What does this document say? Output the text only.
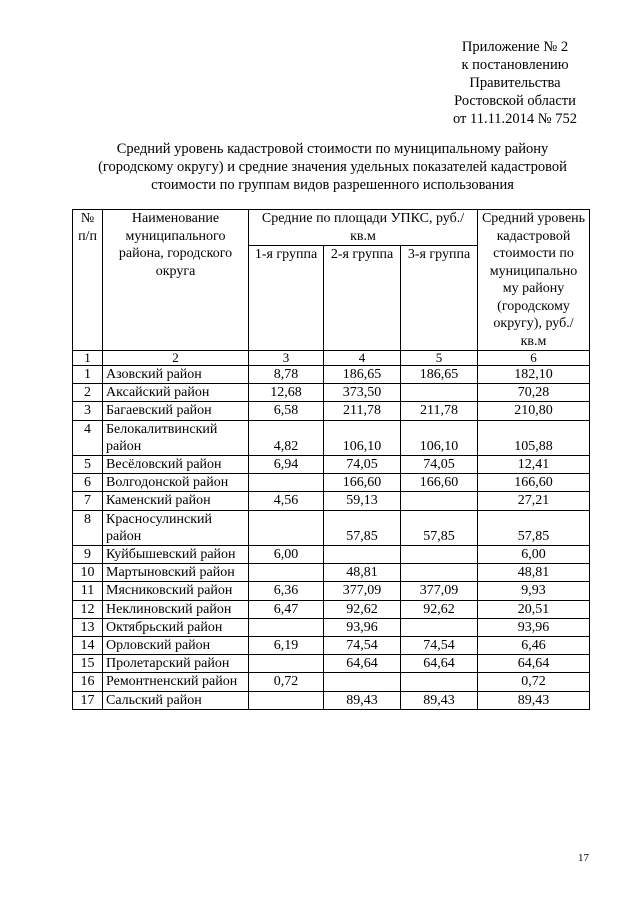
Приложение № 2
к постановлению
Правительства
Ростовской области
от 11.11.2014 № 752
Средний уровень кадастровой стоимости по муниципальному району
(городскому округу) и средние значения удельных показателей кадастровой
стоимости по группам видов разрешенного использования
№ п/п	Наименование муниципального района, городского округа	Средние по площади УПКС, руб./кв.м			Средний уровень кадастровой стоимости по муниципально му району (городскому округу), руб./кв.м
		1-я группа	2-я группа	3-я группа	
1	2	3	4	5	6
1	Азовский район	8,78	186,65	186,65	182,10
2	Аксайский район	12,68	373,50		70,28
3	Багаевский район	6,58	211,78	211,78	210,80
4	Белокалитвинский район	4,82	106,10	106,10	105,88
5	Весёловский район	6,94	74,05	74,05	12,41
6	Волгодонской район		166,60	166,60	166,60
7	Каменский район	4,56	59,13		27,21
8	Красносулинский район		57,85	57,85	57,85
9	Куйбышевский район	6,00			6,00
10	Мартыновский район		48,81		48,81
11	Мясниковский район	6,36	377,09	377,09	9,93
12	Неклиновский район	6,47	92,62	92,62	20,51
13	Октябрьский район		93,96		93,96
14	Орловский район	6,19	74,54	74,54	6,46
15	Пролетарский район		64,64	64,64	64,64
16	Ремонтненский район	0,72			0,72
17	Сальский район		89,43	89,43	89,43
17
